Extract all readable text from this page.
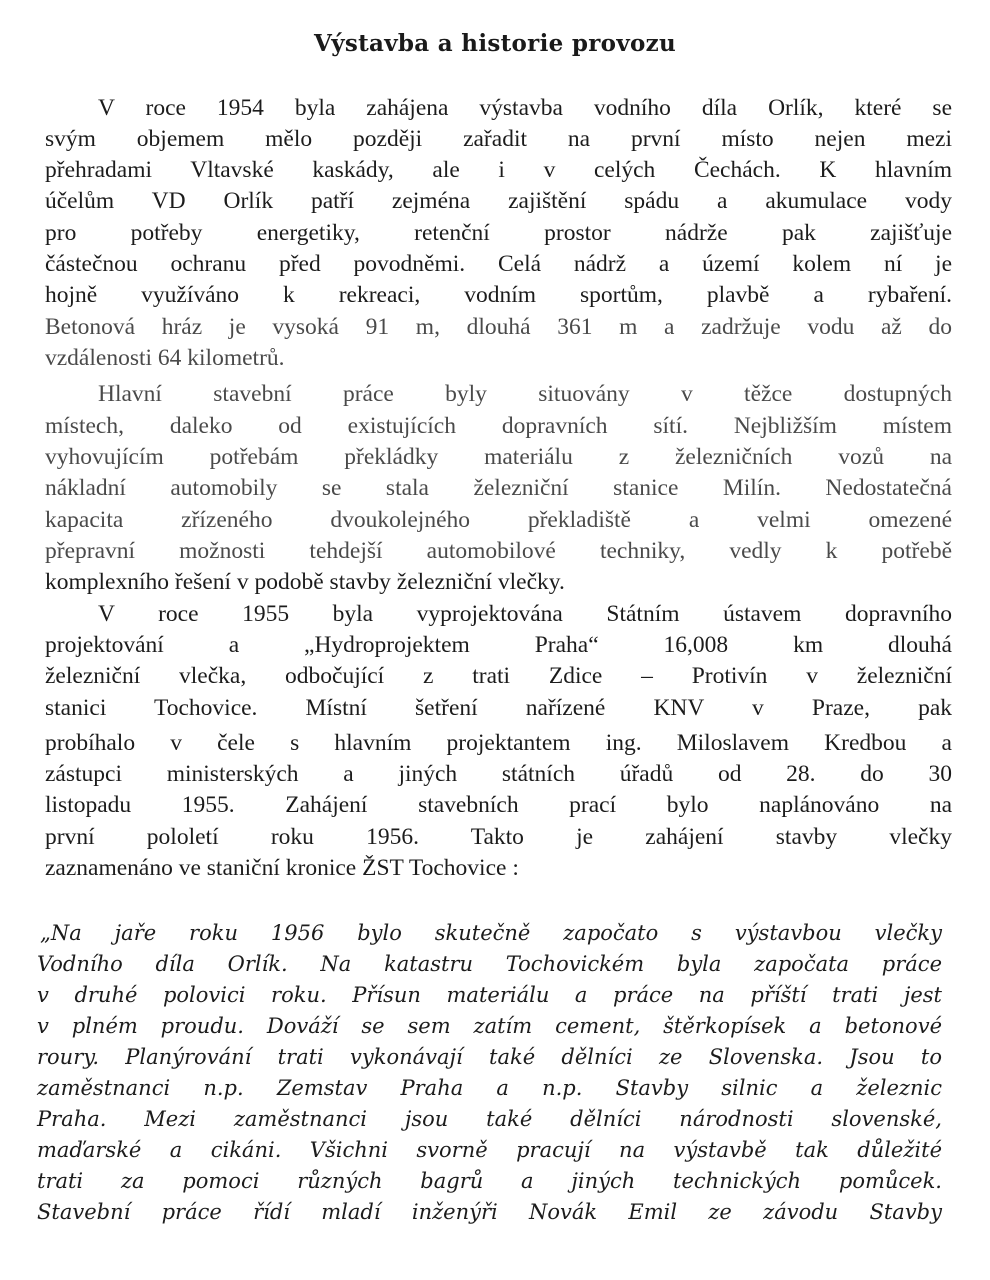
Výstavba a historie provozu
V roce 1954 byla zahájena výstavba vodního díla Orlík, které se
svým objemem mělo později zařadit na první místo nejen mezi
přehradami Vltavské kaskády, ale i v celých Čechách. K hlavním
účelům VD Orlík patří zejména zajištění spádu a akumulace vody
pro potřeby energetiky, retenční prostor nádrže pak zajišťuje
částečnou ochranu před povodněmi. Celá nádrž a území kolem ní je
hojně využíváno k rekreaci, vodním sportům, plavbě a rybaření.
Betonová hráz je vysoká 91 m, dlouhá 361 m a zadržuje vodu až do
vzdálenosti 64 kilometrů.
Hlavní stavební práce byly situovány v těžce dostupných
místech, daleko od existujících dopravních sítí. Nejbližším místem
vyhovujícím potřebám překládky materiálu z železničních vozů na
nákladní automobily se stala železniční stanice Milín. Nedostatečná
kapacita zřízeného dvoukolejného překladiště a velmi omezené
přepravní možnosti tehdejší automobilové techniky, vedly k potřebě
komplexního řešení v podobě stavby železniční vlečky.
V roce 1955 byla vyprojektována Státním ústavem dopravního
projektování a „Hydroprojektem Praha“ 16,008 km dlouhá
železniční vlečka, odbočující z trati Zdice – Protivín v železniční
stanici Tochovice. Místní šetření nařízené KNV v Praze, pak
probíhalo v čele s hlavním projektantem ing. Miloslavem Kredbou a
zástupci ministerských a jiných státních úřadů od 28. do 30
listopadu 1955. Zahájení stavebních prací bylo naplánováno na
první pololetí roku 1956. Takto je zahájení stavby vlečky
zaznamenáno ve staniční kronice ŽST Tochovice :
„Na jaře roku 1956 bylo skutečně započato s výstavbou vlečky
Vodního díla Orlík. Na katastru Tochovickém byla započata práce
v druhé polovici roku. Přísun materiálu a práce na příští trati jest
v plném proudu. Dováží se sem zatím cement, štěrkopísek a betonové
roury. Planýrování trati vykonávají také dělníci ze Slovenska. Jsou to
zaměstnanci n.p. Zemstav Praha a n.p. Stavby silnic a železnic
Praha. Mezi zaměstnanci jsou také dělníci národnosti slovenské,
maďarské a cikáni. Všichni svorně pracují na výstavbě tak důležité
trati za pomoci různých bagrů a jiných technických pomůcek.
Stavební práce řídí mladí inženýři Novák Emil ze závodu Stavby
